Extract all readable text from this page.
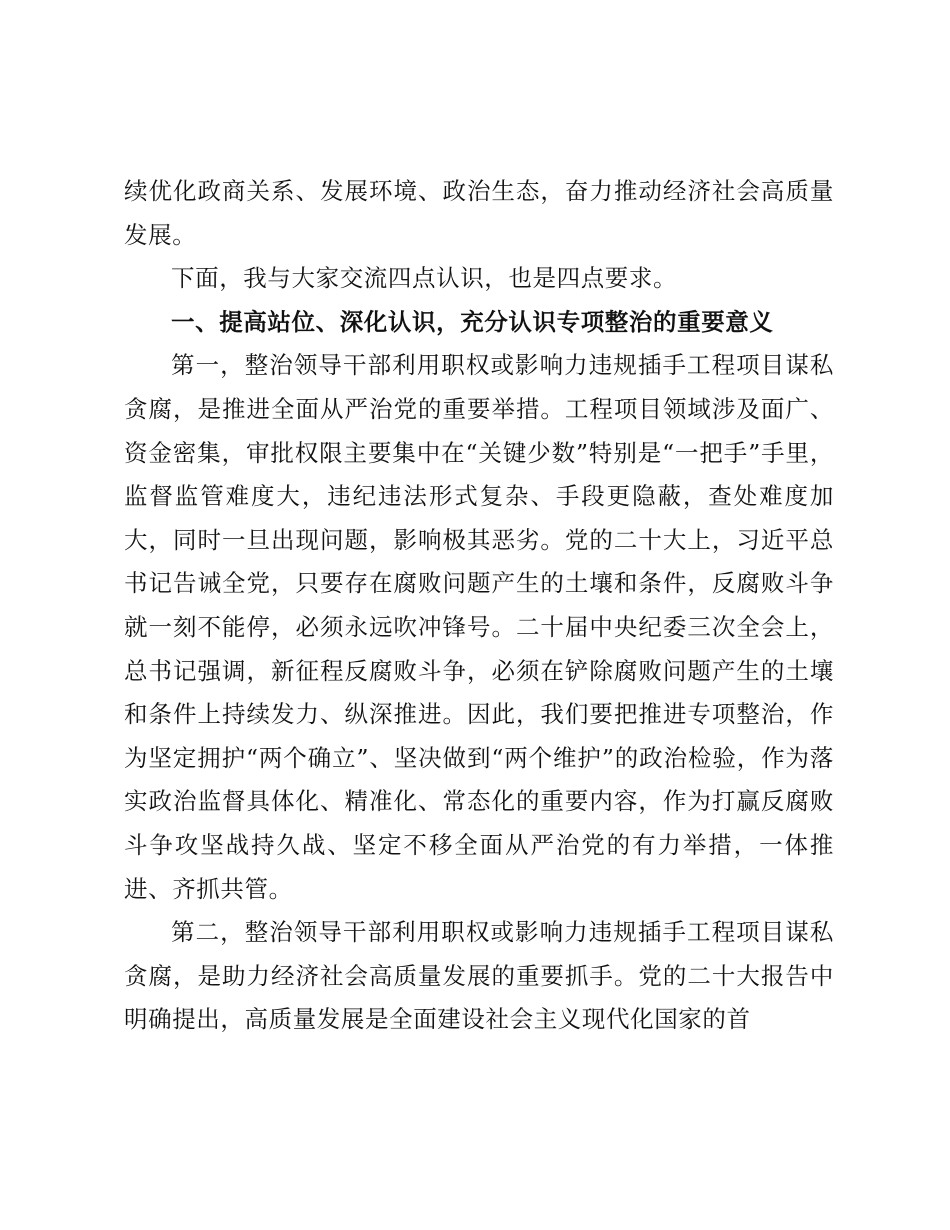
续优化政商关系、发展环境、政治生态，奋力推动经济社会高质量发展。

下面，我与大家交流四点认识，也是四点要求。

一、提高站位、深化认识，充分认识专项整治的重要意义

第一，整治领导干部利用职权或影响力违规插手工程项目谋私贪腐，是推进全面从严治党的重要举措。工程项目领域涉及面广、资金密集，审批权限主要集中在“关键少数”特别是“一把手”手里，监督监管难度大，违纪违法形式复杂、手段更隐蔽，查处难度加大，同时一旦出现问题，影响极其恶劣。党的二十大上，习近平总书记告诫全党，只要存在腐败问题产生的土壤和条件，反腐败斗争就一刻不能停，必须永远吹冲锋号。二十届中央纪委三次全会上，总书记强调，新征程反腐败斗争，必须在铲除腐败问题产生的土壤和条件上持续发力、纵深推进。因此，我们要把推进专项整治，作为坚定拥护“两个确立”、坚决做到“两个维护”的政治检验，作为落实政治监督具体化、精准化、常态化的重要内容，作为打赢反腐败斗争攻坚战持久战、坚定不移全面从严治党的有力举措，一体推进、齐抓共管。

第二，整治领导干部利用职权或影响力违规插手工程项目谋私贪腐，是助力经济社会高质量发展的重要抓手。党的二十大报告中明确提出，高质量发展是全面建设社会主义现代化国家的首
